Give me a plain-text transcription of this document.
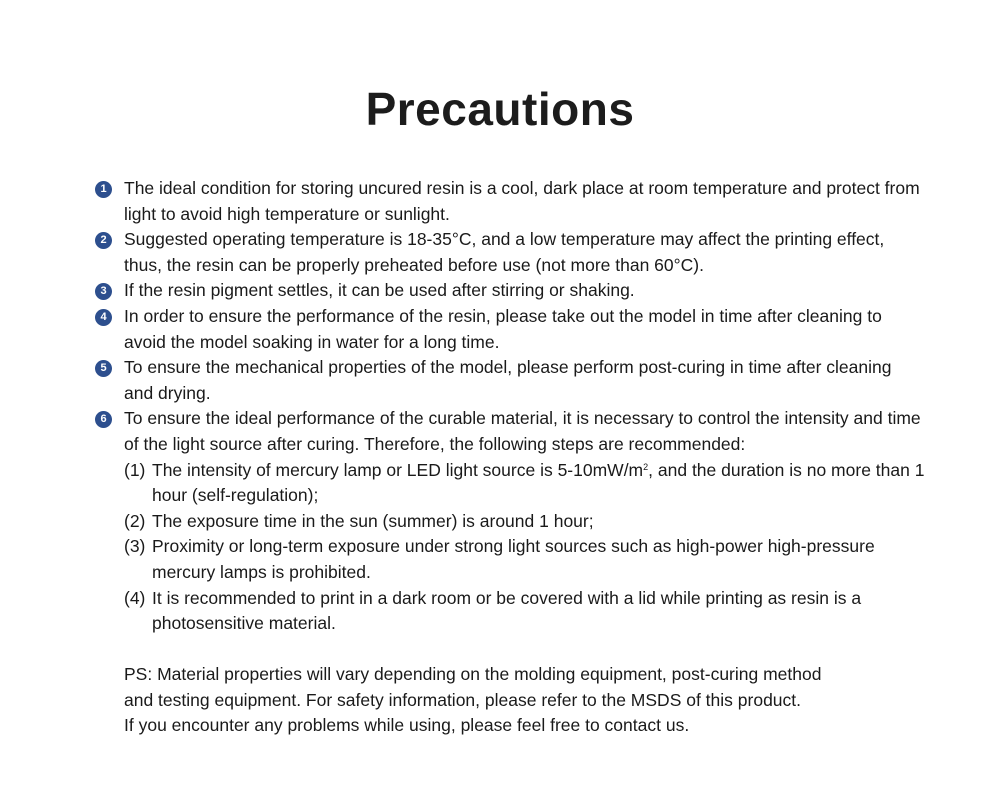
Precautions
1 The ideal condition for storing uncured resin is a cool, dark place at room temperature and protect from light to avoid high temperature or sunlight.
2 Suggested operating temperature is 18-35°C, and a low temperature may affect the printing effect, thus, the resin can be properly preheated before use (not more than 60°C).
3 If the resin pigment settles, it can be used after stirring or shaking.
4 In order to ensure the performance of the resin, please take out the model in time after cleaning to avoid the model soaking in water for a long time.
5 To ensure the mechanical properties of the model, please perform post-curing in time after cleaning and drying.
6 To ensure the ideal performance of the curable material, it is necessary to control the intensity and time of the light source after curing. Therefore, the following steps are recommended:
(1) The intensity of mercury lamp or LED light source is $5-10mW/m^2$, and the duration is no more than 1 hour (self-regulation);
(2) The exposure time in the sun (summer) is around 1 hour;
(3) Proximity or long-term exposure under strong light sources such as high-power high-pressure mercury lamps is prohibited.
(4) It is recommended to print in a dark room or be covered with a lid while printing as resin is a photosensitive material.
PS: Material properties will vary depending on the molding equipment, post-curing method
and testing equipment. For safety information, please refer to the MSDS of this product.
If you encounter any problems while using, please feel free to contact us.
